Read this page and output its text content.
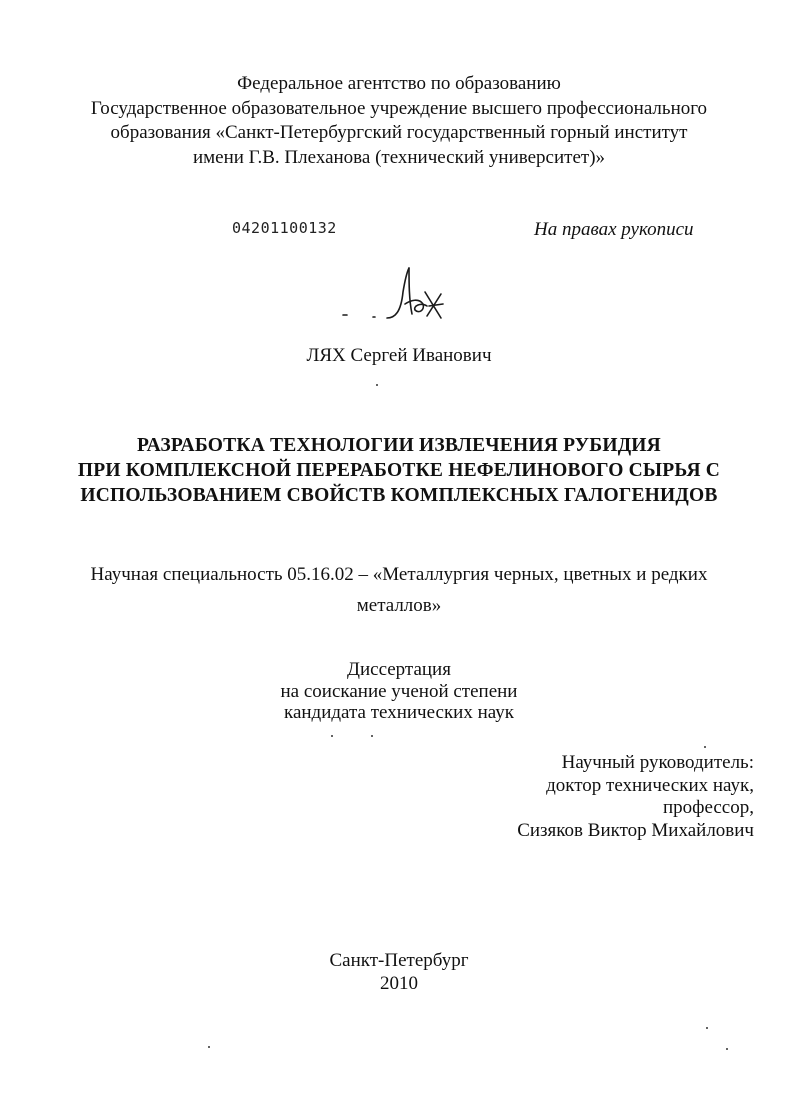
Федеральное агентство по образованию
Государственное образовательное учреждение высшего профессионального
образования «Санкт-Петербургский государственный горный институт
имени Г.В. Плеханова (технический университет)»
04201100132	На правах рукописи
ЛЯХ Сергей Иванович
РАЗРАБОТКА ТЕХНОЛОГИИ ИЗВЛЕЧЕНИЯ РУБИДИЯ
ПРИ КОМПЛЕКСНОЙ ПЕРЕРАБОТКЕ НЕФЕЛИНОВОГО СЫРЬЯ С
ИСПОЛЬЗОВАНИЕМ СВОЙСТВ КОМПЛЕКСНЫХ ГАЛОГЕНИДОВ
Научная специальность 05.16.02 – «Металлургия черных, цветных и редких
металлов»
Диссертация
на соискание ученой степени
кандидата технических наук
Научный руководитель:
доктор технических наук,
профессор,
Сизяков Виктор Михайлович
Санкт-Петербург
2010
